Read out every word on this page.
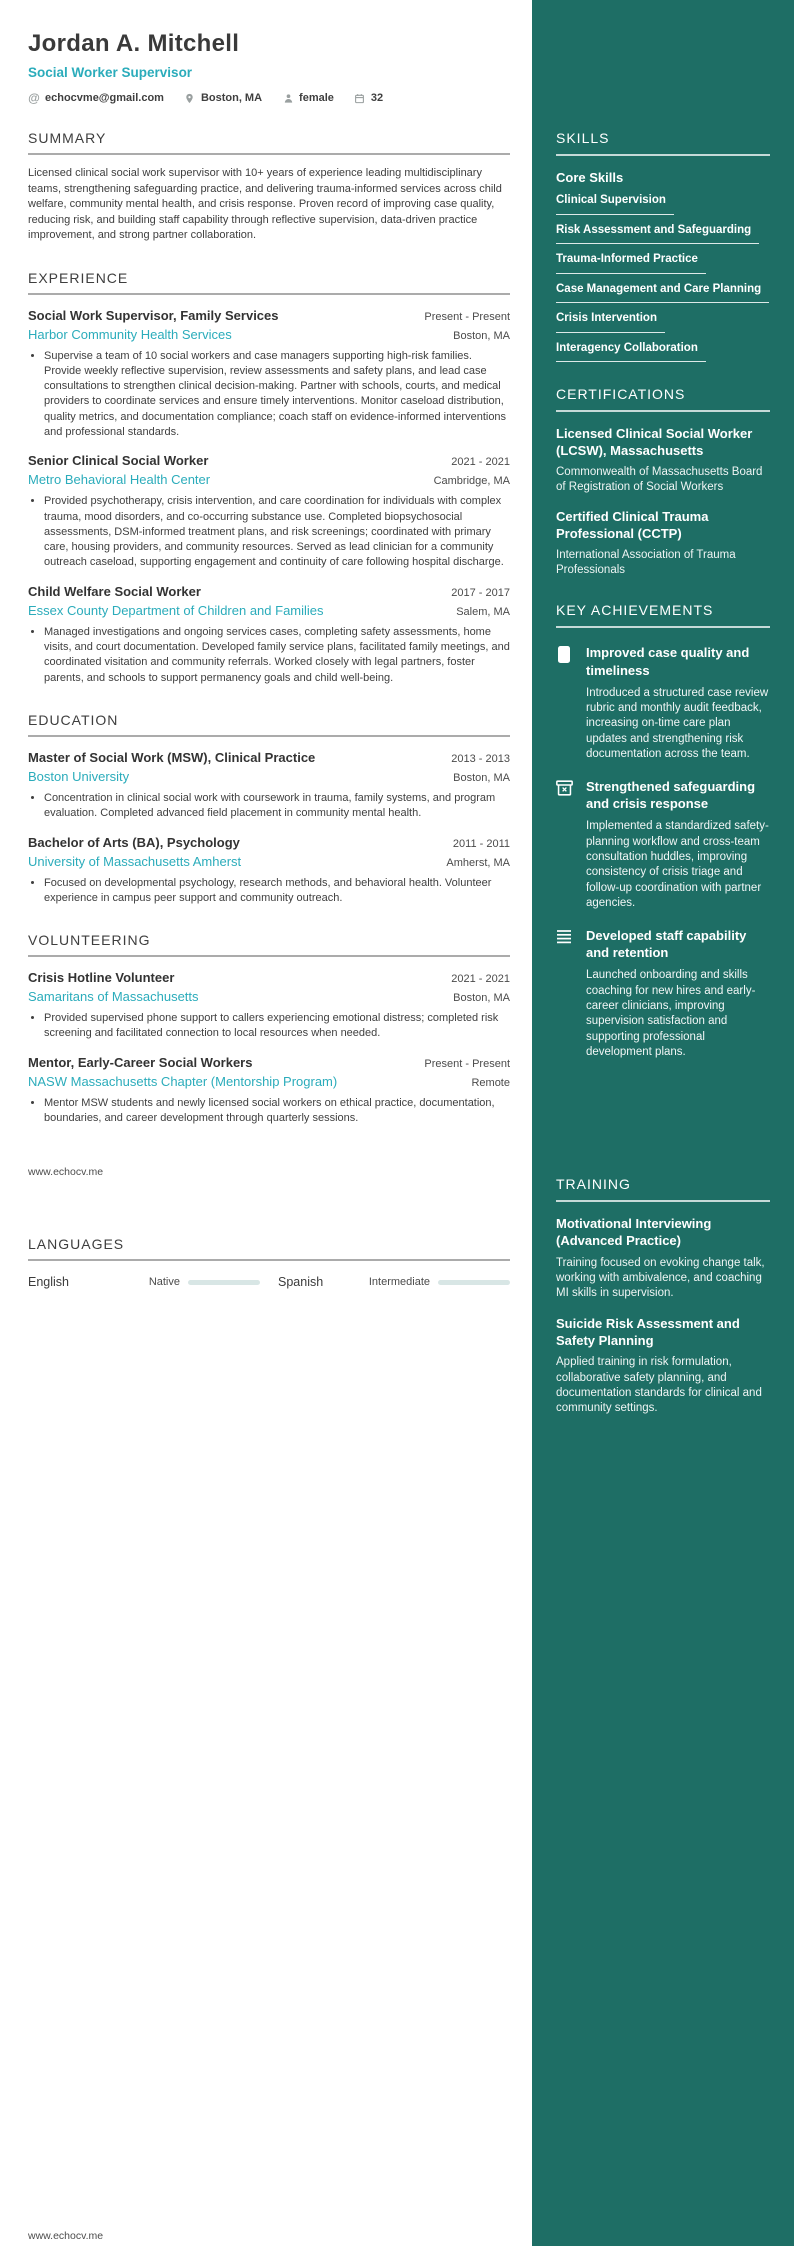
Jordan A. Mitchell
Social Worker Supervisor
@ echocvme@gmail.com	Boston, MA	female	32
SUMMARY
Licensed clinical social work supervisor with 10+ years of experience leading multidisciplinary teams, strengthening safeguarding practice, and delivering trauma-informed services across child welfare, community mental health, and crisis response. Proven record of improving case quality, reducing risk, and building staff capability through reflective supervision, data-driven practice improvement, and strong partner collaboration.
EXPERIENCE
Social Work Supervisor, Family Services	Present - Present
Harbor Community Health Services	Boston, MA
• Supervise a team of 10 social workers and case managers supporting high-risk families. Provide weekly reflective supervision, review assessments and safety plans, and lead case consultations to strengthen clinical decision-making. Partner with schools, courts, and medical providers to coordinate services and ensure timely interventions. Monitor caseload distribution, quality metrics, and documentation compliance; coach staff on evidence-informed interventions and professional standards.
Senior Clinical Social Worker	2021 - 2021
Metro Behavioral Health Center	Cambridge, MA
• Provided psychotherapy, crisis intervention, and care coordination for individuals with complex trauma, mood disorders, and co-occurring substance use. Completed biopsychosocial assessments, DSM-informed treatment plans, and risk screenings; coordinated with primary care, housing providers, and community resources. Served as lead clinician for a community outreach caseload, supporting engagement and continuity of care following hospital discharge.
Child Welfare Social Worker	2017 - 2017
Essex County Department of Children and Families	Salem, MA
• Managed investigations and ongoing services cases, completing safety assessments, home visits, and court documentation. Developed family service plans, facilitated family meetings, and coordinated visitation and community referrals. Worked closely with legal partners, foster parents, and schools to support permanency goals and child well-being.
EDUCATION
Master of Social Work (MSW), Clinical Practice	2013 - 2013
Boston University	Boston, MA
• Concentration in clinical social work with coursework in trauma, family systems, and program evaluation. Completed advanced field placement in community mental health.
Bachelor of Arts (BA), Psychology	2011 - 2011
University of Massachusetts Amherst	Amherst, MA
• Focused on developmental psychology, research methods, and behavioral health. Volunteer experience in campus peer support and community outreach.
VOLUNTEERING
Crisis Hotline Volunteer	2021 - 2021
Samaritans of Massachusetts	Boston, MA
• Provided supervised phone support to callers experiencing emotional distress; completed risk screening and facilitated connection to local resources when needed.
Mentor, Early-Career Social Workers	Present - Present
NASW Massachusetts Chapter (Mentorship Program)	Remote
• Mentor MSW students and newly licensed social workers on ethical practice, documentation, boundaries, and career development through quarterly sessions.
www.echocv.me
LANGUAGES
English	Native	Spanish	Intermediate
www.echocv.me
SKILLS
Core Skills
Clinical Supervision
Risk Assessment and Safeguarding
Trauma-Informed Practice
Case Management and Care Planning
Crisis Intervention
Interagency Collaboration
CERTIFICATIONS
Licensed Clinical Social Worker (LCSW), Massachusetts
Commonwealth of Massachusetts Board of Registration of Social Workers
Certified Clinical Trauma Professional (CCTP)
International Association of Trauma Professionals
KEY ACHIEVEMENTS
Improved case quality and timeliness
Introduced a structured case review rubric and monthly audit feedback, increasing on-time care plan updates and strengthening risk documentation across the team.
Strengthened safeguarding and crisis response
Implemented a standardized safety-planning workflow and cross-team consultation huddles, improving consistency of crisis triage and follow-up coordination with partner agencies.
Developed staff capability and retention
Launched onboarding and skills coaching for new hires and early-career clinicians, improving supervision satisfaction and supporting professional development plans.
TRAINING
Motivational Interviewing (Advanced Practice)
Training focused on evoking change talk, working with ambivalence, and coaching MI skills in supervision.
Suicide Risk Assessment and Safety Planning
Applied training in risk formulation, collaborative safety planning, and documentation standards for clinical and community settings.
